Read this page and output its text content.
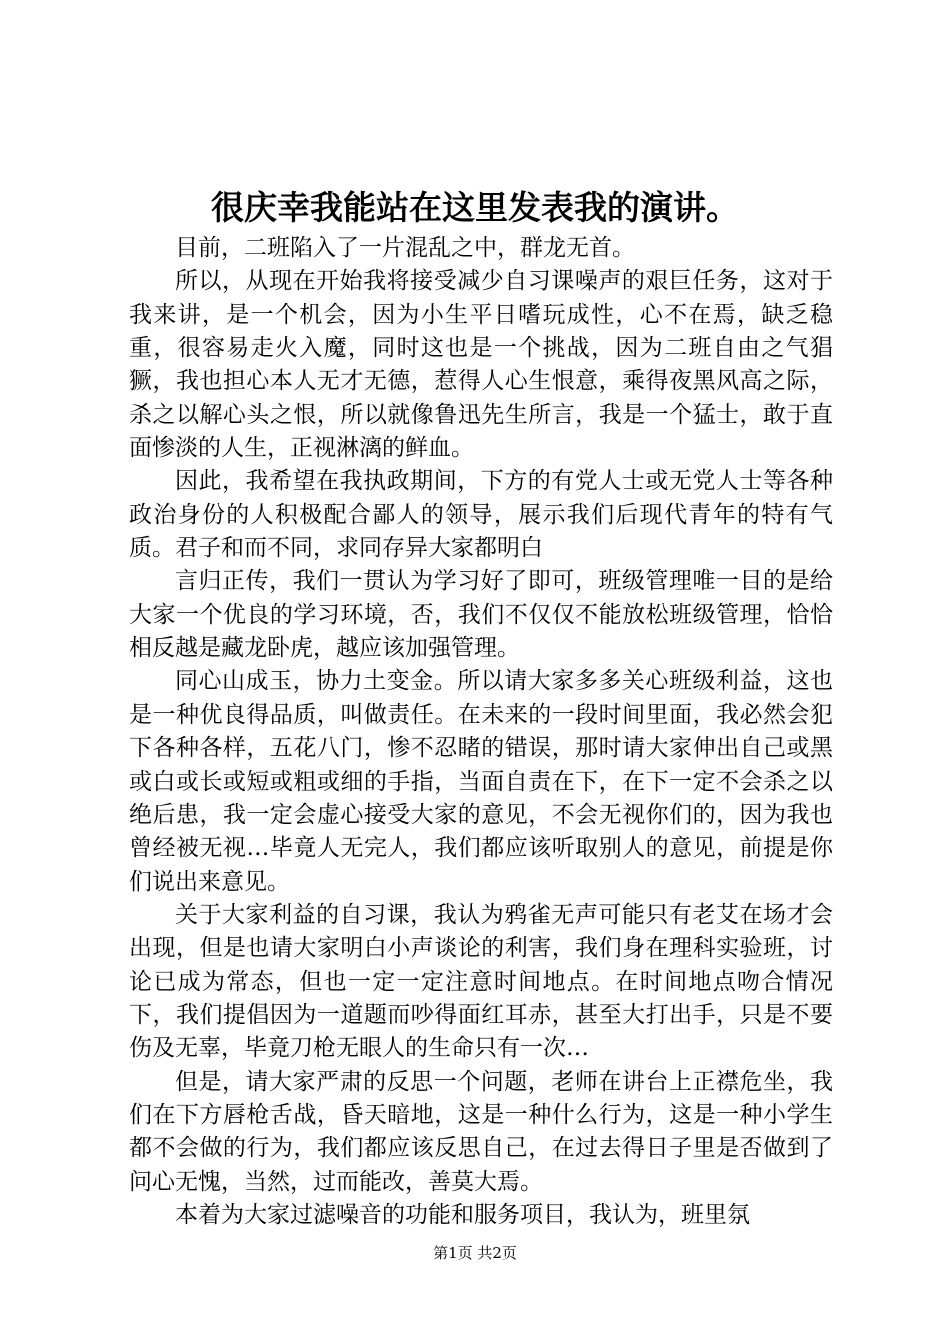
很庆幸我能站在这里发表我的演讲。

目前，二班陷入了一片混乱之中，群龙无首。

所以，从现在开始我将接受减少自习课噪声的艰巨任务，这对于我来讲，是一个机会，因为小生平日嗜玩成性，心不在焉，缺乏稳重，很容易走火入魔，同时这也是一个挑战，因为二班自由之气猖獗，我也担心本人无才无德，惹得人心生恨意，乘得夜黑风高之际，杀之以解心头之恨，所以就像鲁迅先生所言，我是一个猛士，敢于直面惨淡的人生，正视淋漓的鲜血。

因此，我希望在我执政期间，下方的有党人士或无党人士等各种政治身份的人积极配合鄙人的领导，展示我们后现代青年的特有气质。君子和而不同，求同存异大家都明白

言归正传，我们一贯认为学习好了即可，班级管理唯一目的是给大家一个优良的学习环境，否，我们不仅仅不能放松班级管理，恰恰相反越是藏龙卧虎，越应该加强管理。

同心山成玉，协力土变金。所以请大家多多关心班级利益，这也是一种优良得品质，叫做责任。在未来的一段时间里面，我必然会犯下各种各样，五花八门，惨不忍睹的错误，那时请大家伸出自己或黑或白或长或短或粗或细的手指，当面自责在下，在下一定不会杀之以绝后患，我一定会虚心接受大家的意见，不会无视你们的，因为我也曾经被无视…毕竟人无完人，我们都应该听取别人的意见，前提是你们说出来意见。

关于大家利益的自习课，我认为鸦雀无声可能只有老艾在场才会出现，但是也请大家明白小声谈论的利害，我们身在理科实验班，讨论已成为常态，但也一定一定注意时间地点。在时间地点吻合情况下，我们提倡因为一道题而吵得面红耳赤，甚至大打出手，只是不要伤及无辜，毕竟刀枪无眼人的生命只有一次…

但是，请大家严肃的反思一个问题，老师在讲台上正襟危坐，我们在下方唇枪舌战，昏天暗地，这是一种什么行为，这是一种小学生都不会做的行为，我们都应该反思自己，在过去得日子里是否做到了问心无愧，当然，过而能改，善莫大焉。

本着为大家过滤噪音的功能和服务项目，我认为，班里氛

第1页 共2页
